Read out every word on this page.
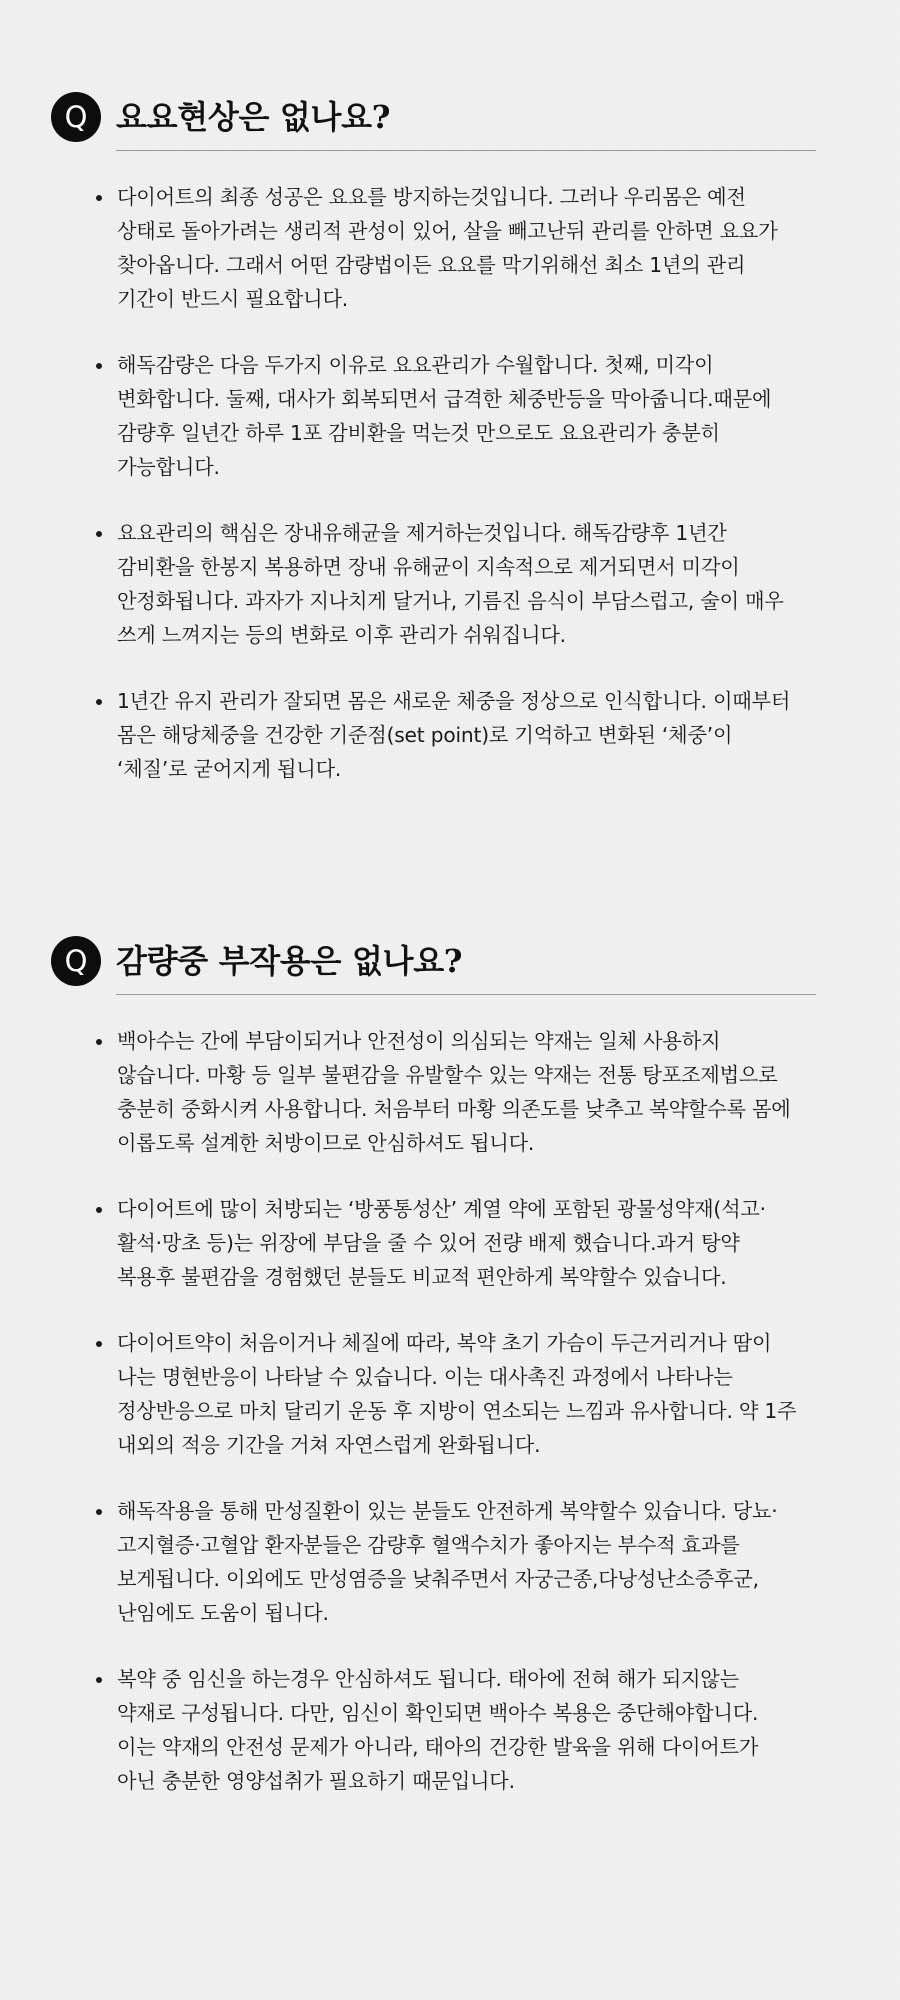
Q 요요현상은 없나요?
다이어트의 최종 성공은 요요를 방지하는것입니다. 그러나 우리몸은 예전 상태로 돌아가려는 생리적 관성이 있어, 살을 빼고난뒤 관리를 안하면 요요가 찾아옵니다. 그래서 어떤 감량법이든 요요를 막기위해선 최소 1년의 관리 기간이 반드시 필요합니다.
해독감량은 다음 두가지 이유로 요요관리가 수월합니다. 첫째, 미각이 변화합니다. 둘째, 대사가 회복되면서 급격한 체중반등을 막아줍니다.때문에 감량후 일년간 하루 1포 감비환을 먹는것 만으로도 요요관리가 충분히 가능합니다.
요요관리의 핵심은 장내유해균을 제거하는것입니다. 해독감량후 1년간 감비환을 한봉지 복용하면 장내 유해균이 지속적으로 제거되면서 미각이 안정화됩니다. 과자가 지나치게 달거나, 기름진 음식이 부담스럽고, 술이 매우 쓰게 느껴지는 등의 변화로 이후 관리가 쉬워집니다.
1년간 유지 관리가 잘되면 몸은 새로운 체중을 정상으로 인식합니다. 이때부터 몸은 해당체중을 건강한 기준점(set point)로 기억하고 변화된 ‘체중’이 ‘체질’로 굳어지게 됩니다.
Q 감량중 부작용은 없나요?
백아수는 간에 부담이되거나 안전성이 의심되는 약재는 일체 사용하지 않습니다. 마황 등 일부 불편감을 유발할수 있는 약재는 전통 탕포조제법으로 충분히 중화시켜 사용합니다. 처음부터 마황 의존도를 낮추고 복약할수록 몸에 이롭도록 설계한 처방이므로 안심하셔도 됩니다.
다이어트에 많이 처방되는 ‘방풍통성산’ 계열 약에 포함된 광물성약재(석고·활석·망초 등)는 위장에 부담을 줄 수 있어 전량 배제 했습니다.과거 탕약 복용후 불편감을 경험했던 분들도 비교적 편안하게 복약할수 있습니다.
다이어트약이 처음이거나 체질에 따라, 복약 초기 가슴이 두근거리거나 땀이 나는 명현반응이 나타날 수 있습니다. 이는 대사촉진 과정에서 나타나는 정상반응으로 마치 달리기 운동 후 지방이 연소되는 느낌과 유사합니다. 약 1주 내외의 적응 기간을 거쳐 자연스럽게 완화됩니다.
해독작용을 통해 만성질환이 있는 분들도 안전하게 복약할수 있습니다. 당뇨·고지혈증·고혈압 환자분들은 감량후 혈액수치가 좋아지는 부수적 효과를 보게됩니다. 이외에도 만성염증을 낮춰주면서 자궁근종,다낭성난소증후군,난임에도 도움이 됩니다.
복약 중 임신을 하는경우 안심하셔도 됩니다. 태아에 전혀 해가 되지않는 약재로 구성됩니다. 다만, 임신이 확인되면 백아수 복용은 중단해야합니다. 이는 약재의 안전성 문제가 아니라, 태아의 건강한 발육을 위해 다이어트가 아닌 충분한 영양섭취가 필요하기 때문입니다.
